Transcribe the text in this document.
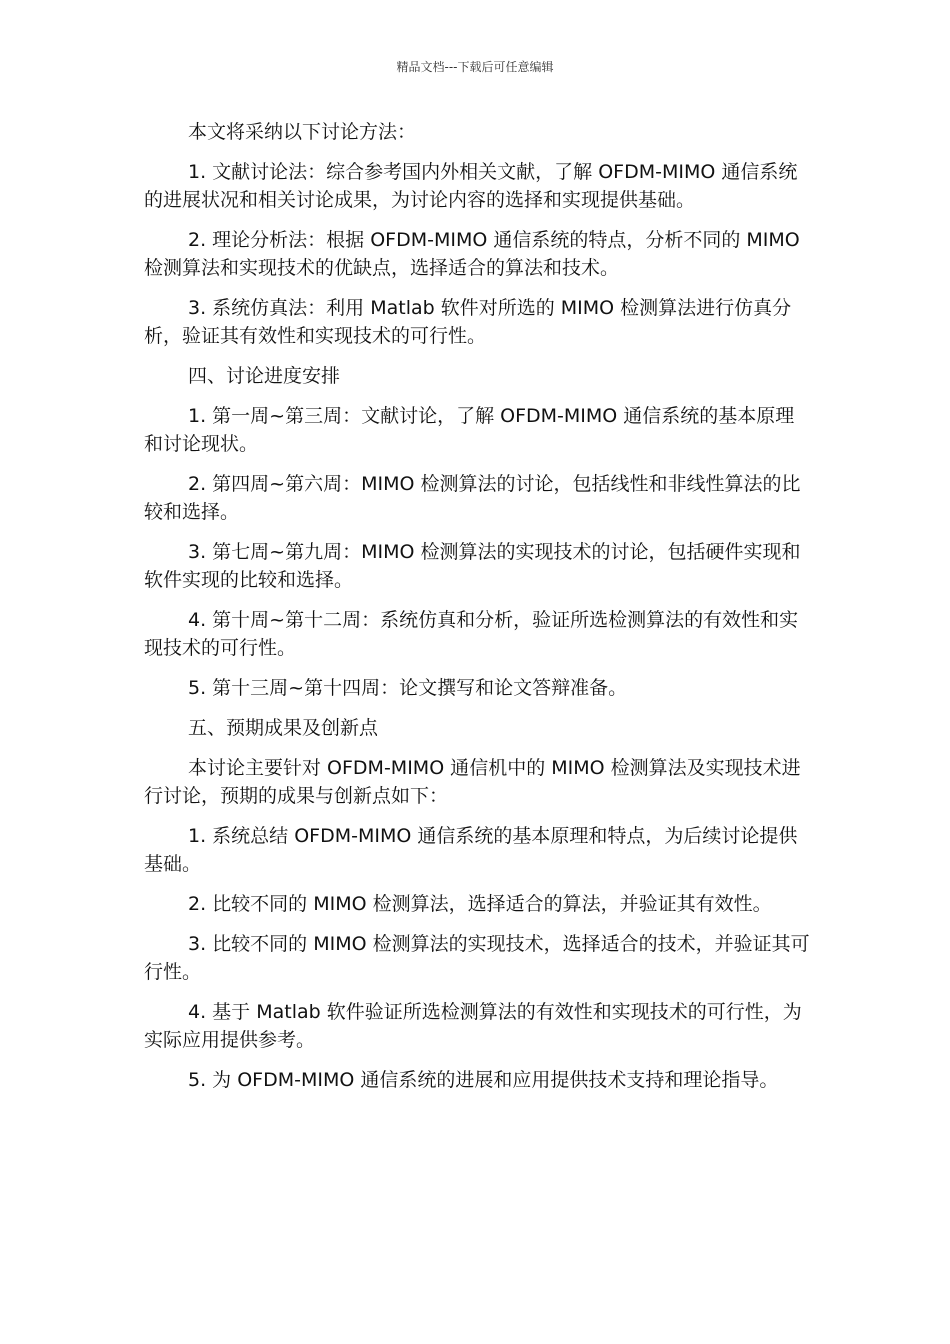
精品文档---下载后可任意编辑

本文将采纳以下讨论方法：

1. 文献讨论法：综合参考国内外相关文献，了解 OFDM-MIMO 通信系统的进展状况和相关讨论成果，为讨论内容的选择和实现提供基础。

2. 理论分析法：根据 OFDM-MIMO 通信系统的特点，分析不同的 MIMO 检测算法和实现技术的优缺点，选择适合的算法和技术。

3. 系统仿真法：利用 Matlab 软件对所选的 MIMO 检测算法进行仿真分析，验证其有效性和实现技术的可行性。

四、讨论进度安排

1. 第一周~第三周：文献讨论，了解 OFDM-MIMO 通信系统的基本原理和讨论现状。

2. 第四周~第六周：MIMO 检测算法的讨论，包括线性和非线性算法的比较和选择。

3. 第七周~第九周：MIMO 检测算法的实现技术的讨论，包括硬件实现和软件实现的比较和选择。

4. 第十周~第十二周：系统仿真和分析，验证所选检测算法的有效性和实现技术的可行性。

5. 第十三周~第十四周：论文撰写和论文答辩准备。

五、预期成果及创新点

本讨论主要针对 OFDM-MIMO 通信机中的 MIMO 检测算法及实现技术进行讨论，预期的成果与创新点如下：

1. 系统总结 OFDM-MIMO 通信系统的基本原理和特点，为后续讨论提供基础。

2. 比较不同的 MIMO 检测算法，选择适合的算法，并验证其有效性。

3. 比较不同的 MIMO 检测算法的实现技术，选择适合的技术，并验证其可行性。

4. 基于 Matlab 软件验证所选检测算法的有效性和实现技术的可行性，为实际应用提供参考。

5. 为 OFDM-MIMO 通信系统的进展和应用提供技术支持和理论指导。
